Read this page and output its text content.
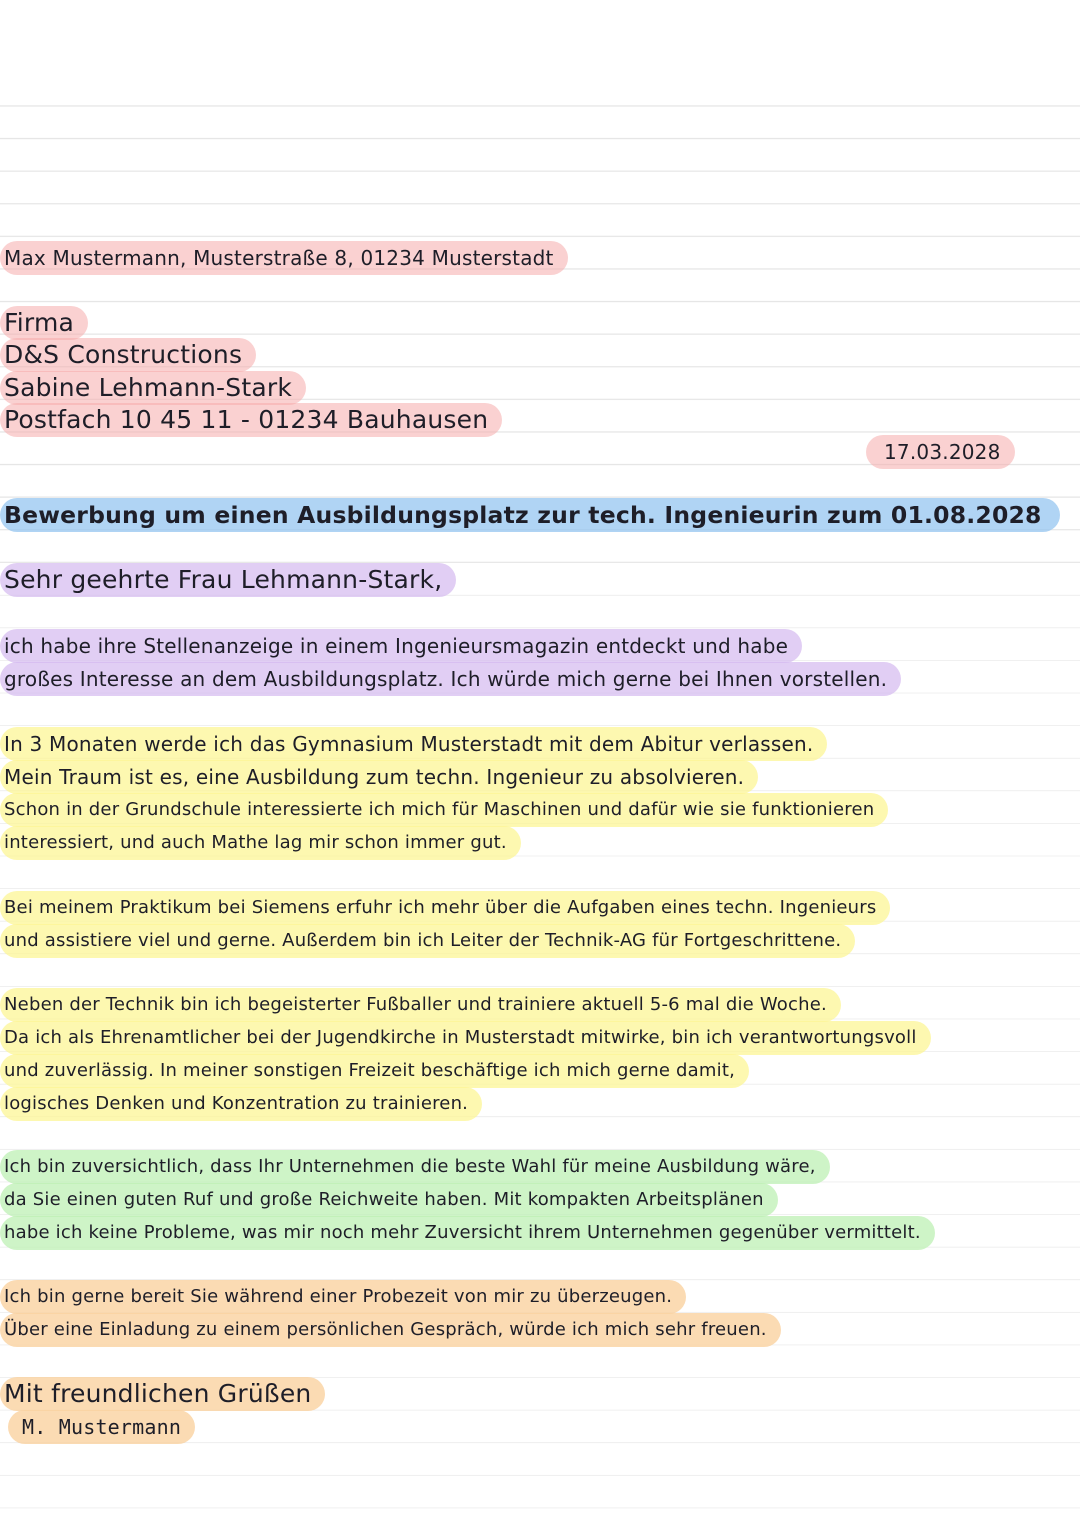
Max Mustermann, Musterstraße 8, 01234 Musterstadt
Firma
D&S Constructions
Sabine Lehmann-Stark
Postfach 10 45 11 - 01234 Bauhausen
17.03.2028
Bewerbung um einen Ausbildungsplatz zur tech. Ingenieurin zum 01.08.2028
Sehr geehrte Frau Lehmann-Stark,
ich habe ihre Stellenanzeige in einem Ingenieursmagazin entdeckt und habe
großes Interesse an dem Ausbildungsplatz. Ich würde mich gerne bei Ihnen vorstellen.
In 3 Monaten werde ich das Gymnasium Musterstadt mit dem Abitur verlassen.
Mein Traum ist es, eine Ausbildung zum techn. Ingenieur zu absolvieren.
Schon in der Grundschule interessierte ich mich für Maschinen und dafür wie sie funktionieren
interessiert, und auch Mathe lag mir schon immer gut.
Bei meinem Praktikum bei Siemens erfuhr ich mehr über die Aufgaben eines techn. Ingenieurs
und assistiere viel und gerne. Außerdem bin ich Leiter der Technik-AG für Fortgeschrittene.
Neben der Technik bin ich begeisterter Fußballer und trainiere aktuell 5-6 mal die Woche.
Da ich als Ehrenamtlicher bei der Jugendkirche in Musterstadt mitwirke, bin ich verantwortungsvoll
und zuverlässig. In meiner sonstigen Freizeit beschäftige ich mich gerne damit,
logisches Denken und Konzentration zu trainieren.
Ich bin zuversichtlich, dass Ihr Unternehmen die beste Wahl für meine Ausbildung wäre,
da Sie einen guten Ruf und große Reichweite haben. Mit kompakten Arbeitsplänen
habe ich keine Probleme, was mir noch mehr Zuversicht ihrem Unternehmen gegenüber vermittelt.
Ich bin gerne bereit Sie während einer Probezeit von mir zu überzeugen.
Über eine Einladung zu einem persönlichen Gespräch, würde ich mich sehr freuen.
Mit freundlichen Grüßen
M. Mustermann
